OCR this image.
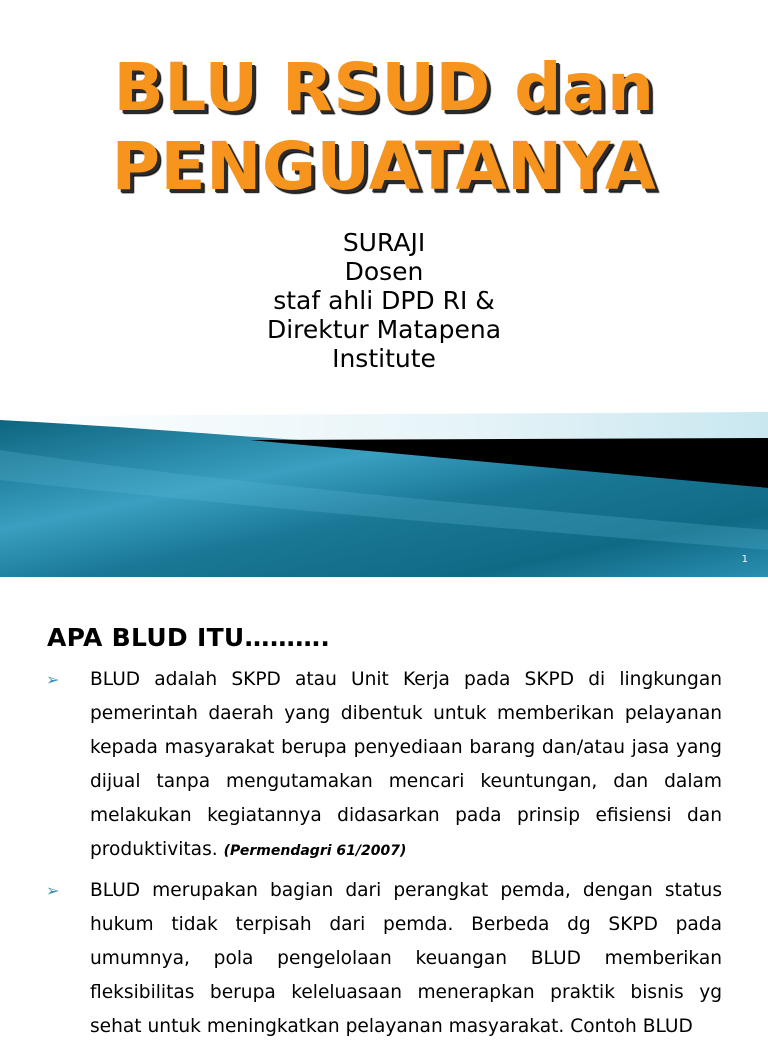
BLU RSUD dan
PENGUATANYA
SURAJI
Dosen
staf ahli DPD RI &
Direktur Matapena
Institute
1
APA BLUD ITU……….
➢ BLUD adalah SKPD atau Unit Kerja pada SKPD di lingkungan pemerintah daerah yang dibentuk untuk memberikan pelayanan kepada masyarakat berupa penyediaan barang dan/atau jasa yang dijual tanpa mengutamakan mencari keuntungan, dan dalam melakukan kegiatannya didasarkan pada prinsip efisiensi dan produktivitas. (Permendagri 61/2007)
➢ BLUD merupakan bagian dari perangkat pemda, dengan status hukum tidak terpisah dari pemda. Berbeda dg SKPD pada umumnya, pola pengelolaan keuangan BLUD memberikan fleksibilitas berupa keleluasaan menerapkan praktik bisnis yg sehat untuk meningkatkan pelayanan masyarakat. Contoh BLUD
